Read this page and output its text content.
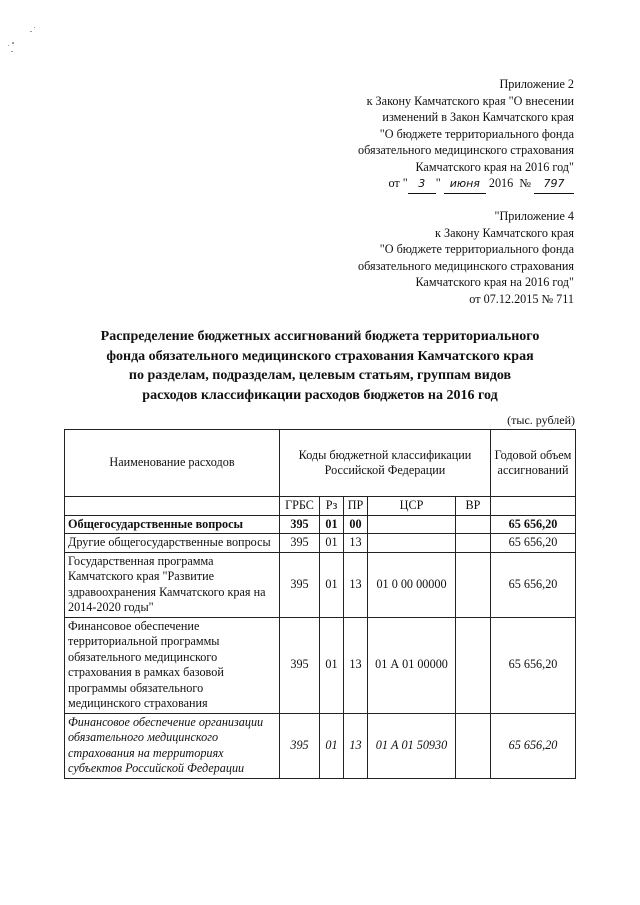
Приложение 2
к Закону Камчатского края "О внесении
изменений в Закон Камчатского края
"О бюджете территориального фонда
обязательного медицинского страхования
Камчатского края на 2016 год"
от " 3 " июня 2016 № 797
"Приложение 4
к Закону Камчатского края
"О бюджете территориального фонда
обязательного медицинского страхования
Камчатского края на 2016 год"
от 07.12.2015 № 711
Распределение бюджетных ассигнований бюджета территориального
фонда обязательного медицинского страхования Камчатского края
по разделам, подразделам, целевым статьям, группам видов
расходов классификации расходов бюджетов на 2016 год
(тыс. рублей)
Наименование расходов	Коды бюджетной классификации Российской Федерации					Годовой объем ассигнований
	ГРБС	Рз	ПР	ЦСР	ВР	
Общегосударственные вопросы	395	01	00			65 656,20
Другие общегосударственные вопросы	395	01	13			65 656,20
Государственная программа Камчатского края "Развитие здравоохранения Камчатского края на 2014-2020 годы"	395	01	13	01 0 00 00000		65 656,20
Финансовое обеспечение территориальной программы обязательного медицинского страхования в рамках базовой программы обязательного медицинского страхования	395	01	13	01 А 01 00000		65 656,20
Финансовое обеспечение организации обязательного медицинского страхования на территориях субъектов Российской Федерации	395	01	13	01 А 01 50930		65 656,20
